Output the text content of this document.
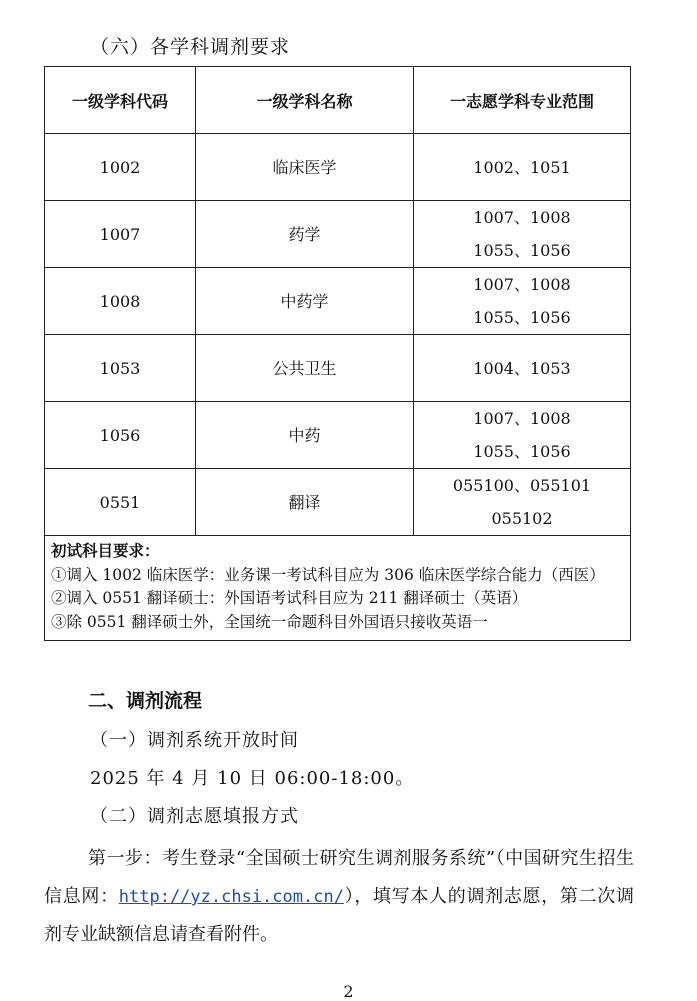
（六）各学科调剂要求
一级学科代码	一级学科名称	一志愿学科专业范围
1002	临床医学	1002、1051

1007	药学	1007、1008
1055、1056

1008	中药学	1007、1008
1055、1056

1053	公共卫生	1004、1053

1056	中药	1007、1008
1055、1056

0551	翻译	055100、055101
055102

初试科目要求：
①调入 1002 临床医学：业务课一考试科目应为 306 临床医学综合能力（西医）
②调入 0551 翻译硕士：外国语考试科目应为 211 翻译硕士（英语）
③除 0551 翻译硕士外，全国统一命题科目外国语只接收英语一		
二、调剂流程
（一）调剂系统开放时间
2025 年 4 月 10 日 06:00-18:00。
（二）调剂志愿填报方式
第一步：考生登录“全国硕士研究生调剂服务系统”（中国研究生招生信息网：http://yz.chsi.com.cn/），填写本人的调剂志愿，第二次调剂专业缺额信息请查看附件。
2
